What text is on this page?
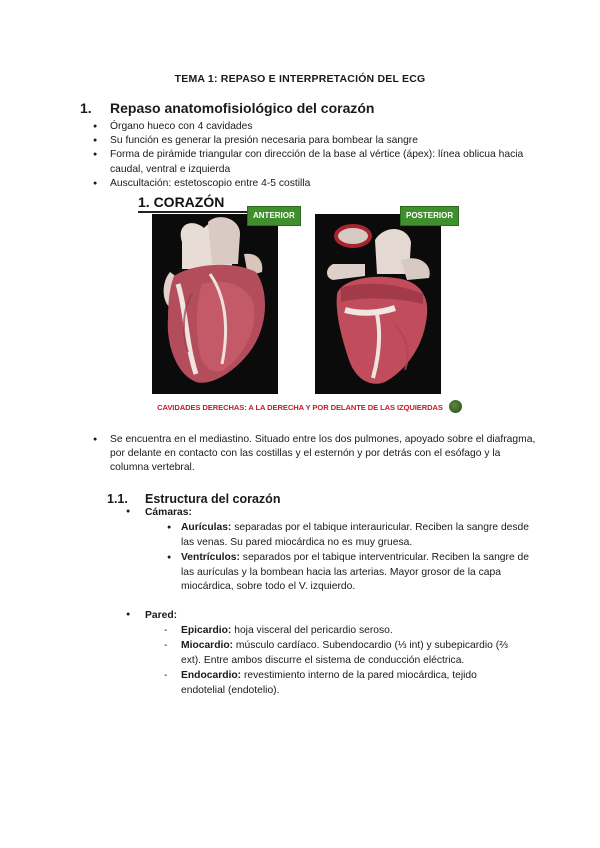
TEMA 1: REPASO E INTERPRETACIÓN DEL ECG
1. Repaso anatomofisiológico del corazón
● Órgano hueco con 4 cavidades
● Su función es generar la presión necesaria para bombear la sangre
● Forma de pirámide triangular con dirección de la base al vértice (ápex): línea oblicua hacia caudal, ventral e izquierda
● Auscultación: estetoscopio entre 4-5 costilla
1. CORAZÓN
ANTERIOR	POSTERIOR
CAVIDADES DERECHAS: A LA DERECHA Y POR DELANTE DE LAS IZQUIERDAS
● Se encuentra en el mediastino. Situado entre los dos pulmones, apoyado sobre el diafragma, por delante en contacto con las costillas y el esternón y por detrás con el esófago y la columna vertebral.
1.1. Estructura del corazón
● Cámaras:
● Aurículas: separadas por el tabique interauricular. Reciben la sangre desde las venas. Su pared miocárdica no es muy gruesa.
● Ventrículos: separados por el tabique interventricular. Reciben la sangre de las aurículas y la bombean hacia las arterias. Mayor grosor de la capa miocárdica, sobre todo el V. izquierdo.
● Pared:
-	Epicardio: hoja visceral del pericardio seroso.
-	Miocardio: músculo cardíaco. Subendocardio (⅓ int) y subepicardio (⅔ ext). Entre ambos discurre el sistema de conducción eléctrica.
-	Endocardio: revestimiento interno de la pared miocárdica, tejido endotelial (endotelio).
